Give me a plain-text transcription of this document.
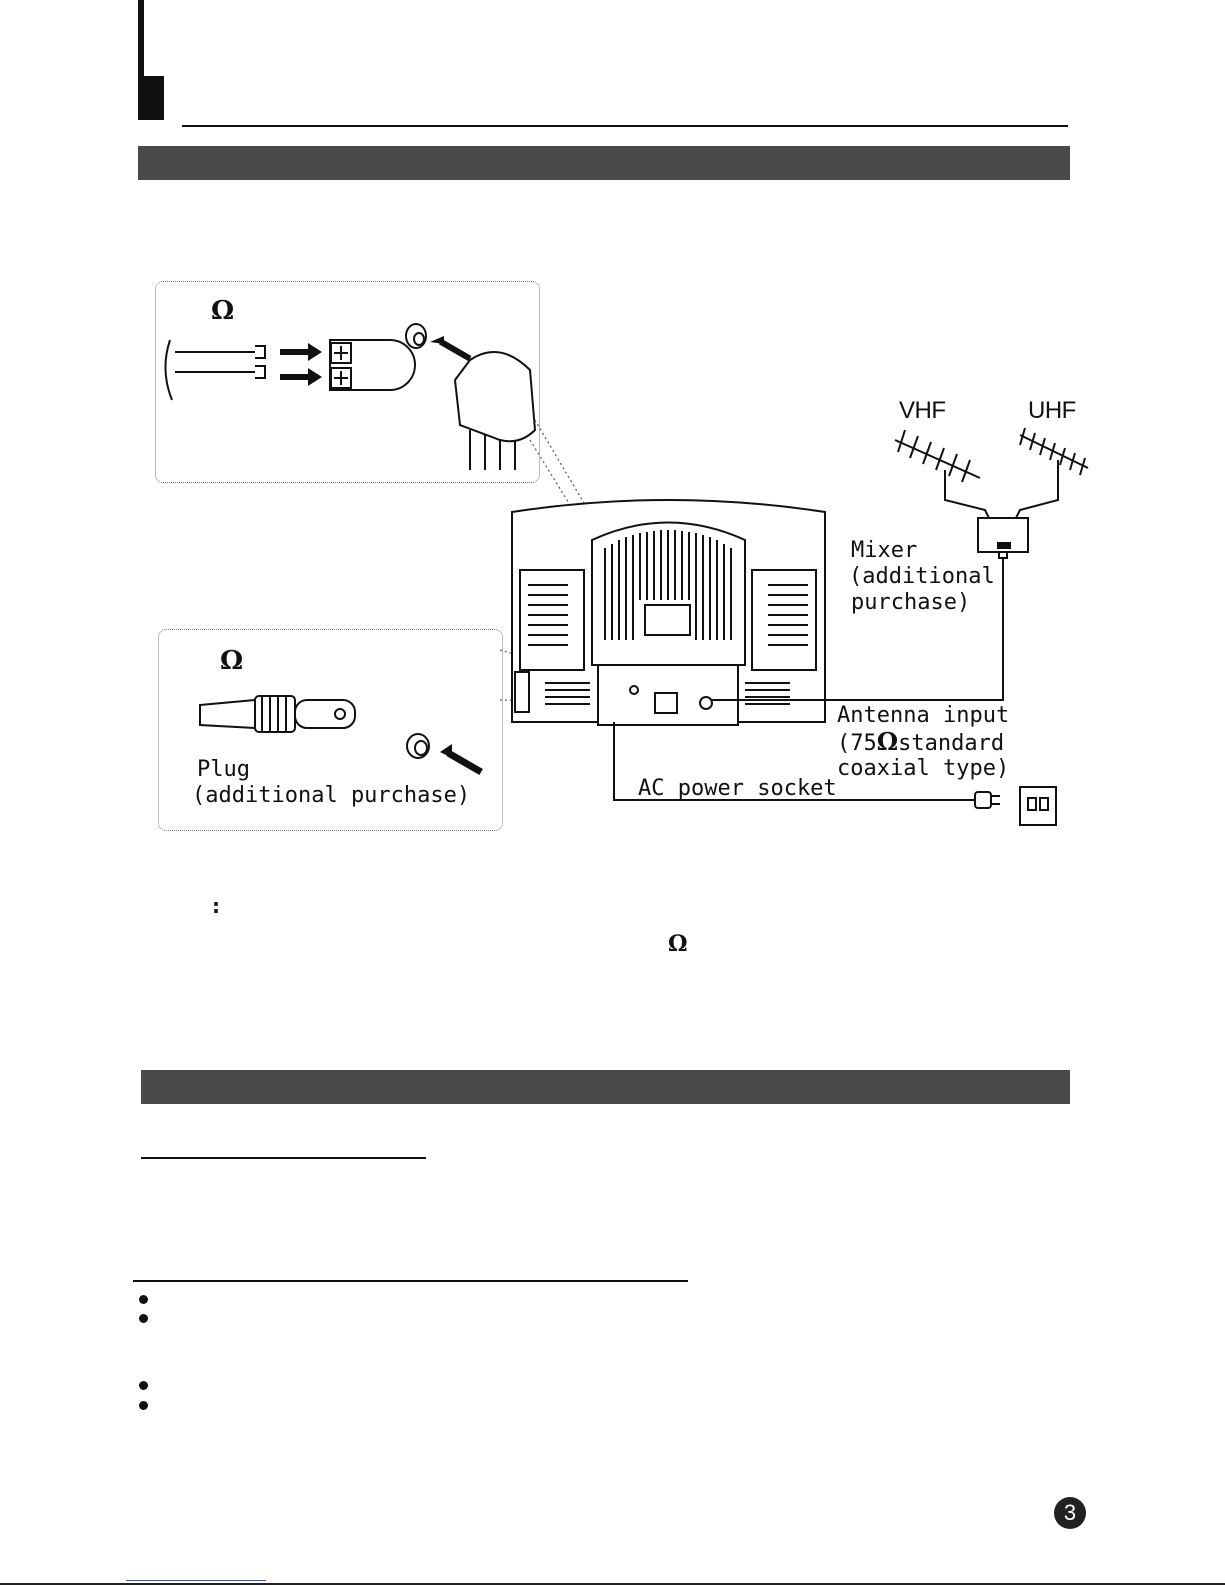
Ω
Ω
Plug
(additional purchase)
VHF	UHF
Mixer
(additional
purchase)
Antenna input
(75Ωstandard
coaxial type)
AC power socket
:
Ω
3
